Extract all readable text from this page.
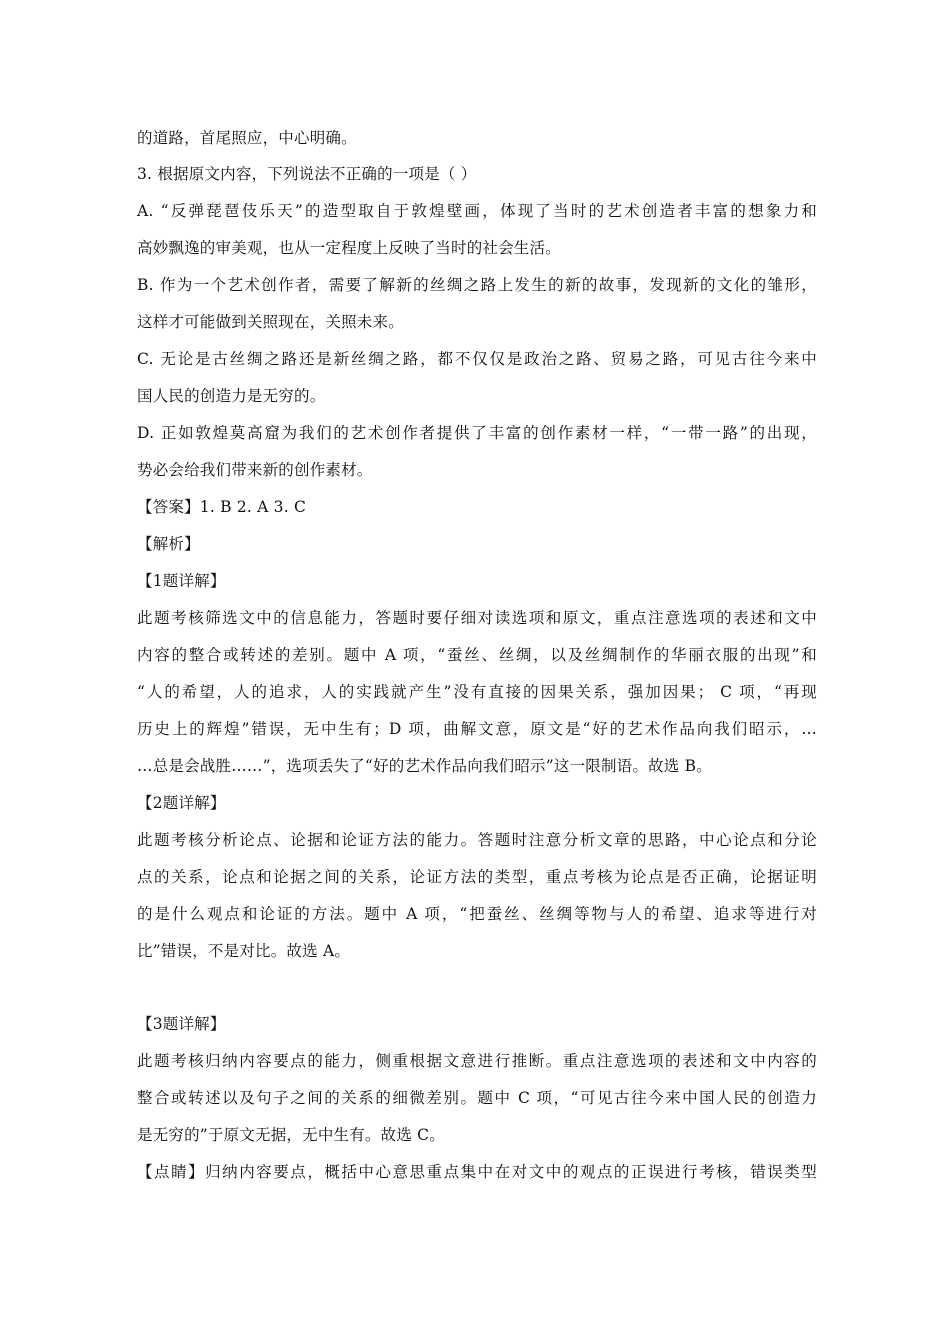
的道路，首尾照应，中心明确。
3. 根据原文内容，下列说法不正确的一项是（ ）
A. “反弹琵琶伎乐天”的造型取自于敦煌壁画，体现了当时的艺术创造者丰富的想象力和
高妙飘逸的审美观，也从一定程度上反映了当时的社会生活。
B. 作为一个艺术创作者，需要了解新的丝绸之路上发生的新的故事，发现新的文化的雏形，
这样才可能做到关照现在，关照未来。
C. 无论是古丝绸之路还是新丝绸之路，都不仅仅是政治之路、贸易之路，可见古往今来中
国人民的创造力是无穷的。
D. 正如敦煌莫高窟为我们的艺术创作者提供了丰富的创作素材一样，“一带一路”的出现，
势必会给我们带来新的创作素材。
【答案】1. B 2. A 3. C
【解析】
【1题详解】
此题考核筛选文中的信息能力，答题时要仔细对读选项和原文，重点注意选项的表述和文中
内容的整合或转述的差别。题中 A 项，“蚕丝、丝绸，以及丝绸制作的华丽衣服的出现”和
“人的希望，人的追求，人的实践就产生”没有直接的因果关系，强加因果； C 项，“再现
历史上的辉煌”错误，无中生有；D 项，曲解文意，原文是“好的艺术作品向我们昭示，…
…总是会战胜……”，选项丢失了“好的艺术作品向我们昭示”这一限制语。故选 B。
【2题详解】
此题考核分析论点、论据和论证方法的能力。答题时注意分析文章的思路，中心论点和分论
点的关系，论点和论据之间的关系，论证方法的类型，重点考核为论点是否正确，论据证明
的是什么观点和论证的方法。题中 A 项，“把蚕丝、丝绸等物与人的希望、追求等进行对
比”错误，不是对比。故选 A。
【3题详解】
此题考核归纳内容要点的能力，侧重根据文意进行推断。重点注意选项的表述和文中内容的
整合或转述以及句子之间的关系的细微差别。题中 C 项，“可见古往今来中国人民的创造力
是无穷的”于原文无据，无中生有。故选 C。
【点睛】归纳内容要点，概括中心意思重点集中在对文中的观点的正误进行考核，错误类型
